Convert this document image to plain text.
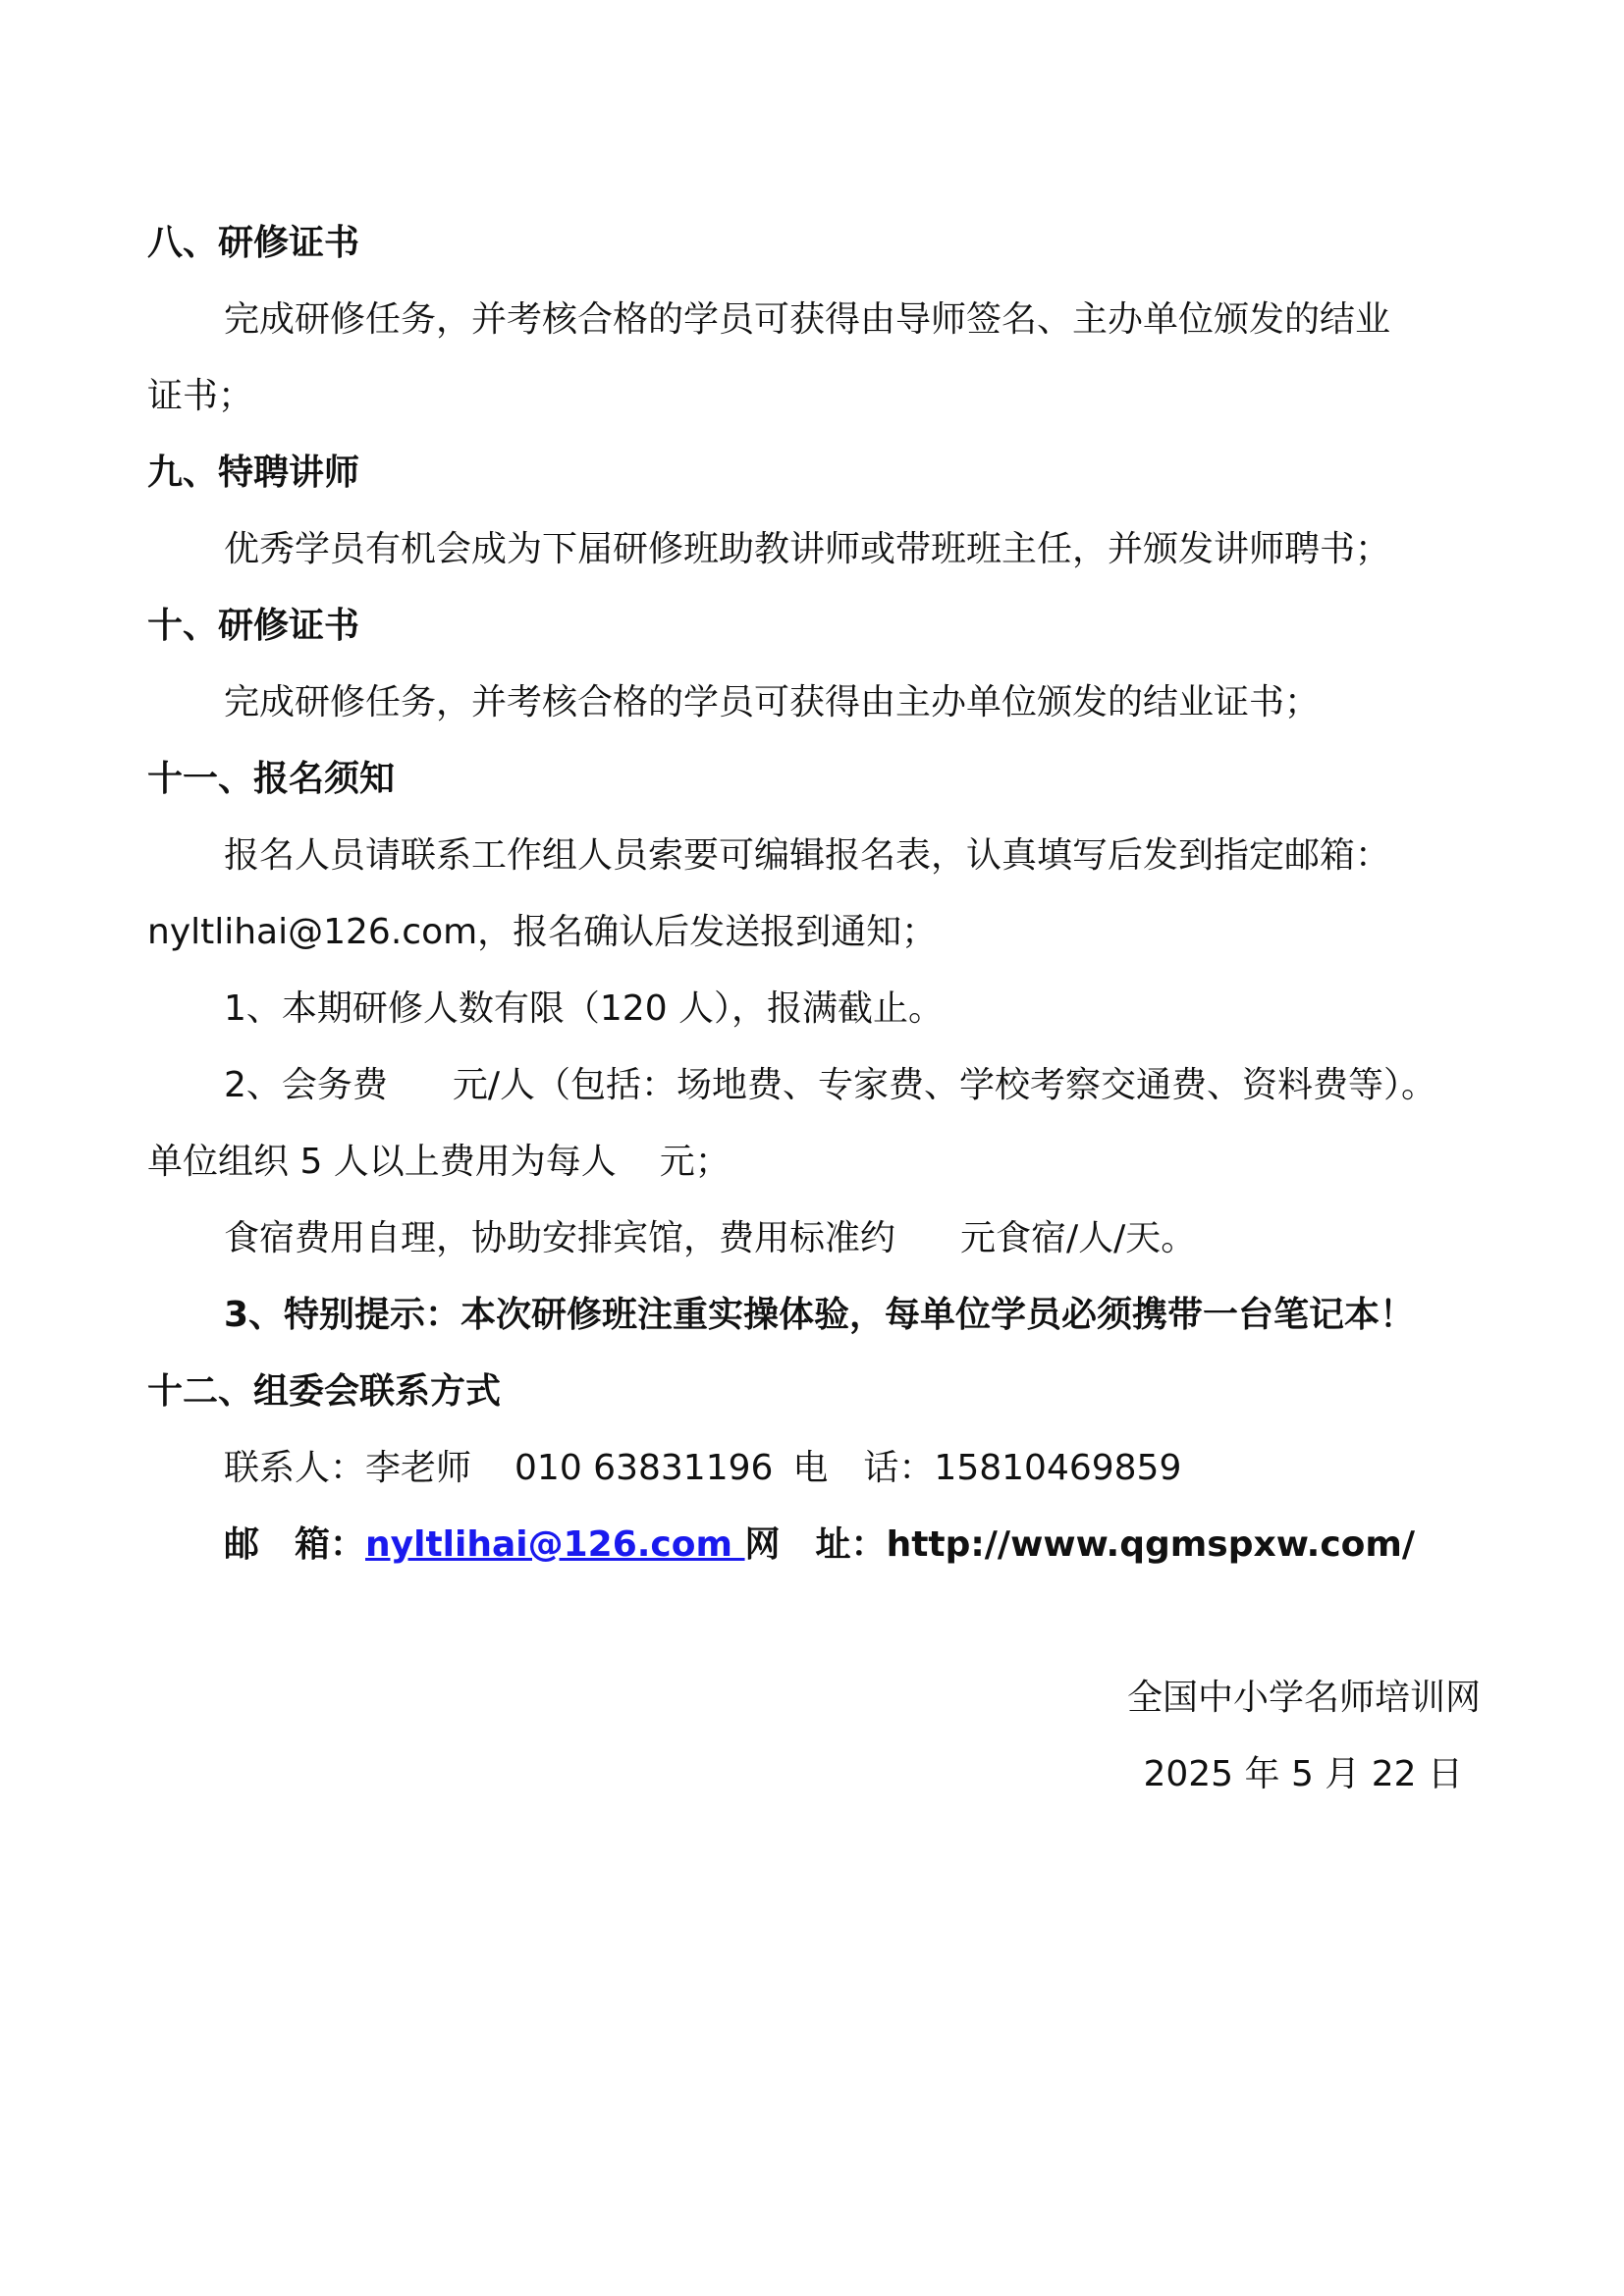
八、研修证书
完成研修任务，并考核合格的学员可获得由导师签名、主办单位颁发的结业
证书；
九、特聘讲师
优秀学员有机会成为下届研修班助教讲师或带班班主任，并颁发讲师聘书；
十、研修证书
完成研修任务，并考核合格的学员可获得由主办单位颁发的结业证书；
十一、报名须知
报名人员请联系工作组人员索要可编辑报名表，认真填写后发到指定邮箱：
nyltlihai@126.com，报名确认后发送报到通知；
1、本期研修人数有限（120 人），报满截止。
2、会务费 元/人（包括：场地费、专家费、学校考察交通费、资料费等）。
单位组织 5 人以上费用为每人 元；
食宿费用自理，协助安排宾馆，费用标准约 元食宿/人/天。
3、特别提示：本次研修班注重实操体验，每单位学员必须携带一台笔记本！
十二、组委会联系方式
联系人：李老师 010 63831196 电　话：15810469859
邮　箱：nyltlihai@126.com 网　址：http://www.qgmspxw.com/
全国中小学名师培训网
2025 年 5 月 22 日
